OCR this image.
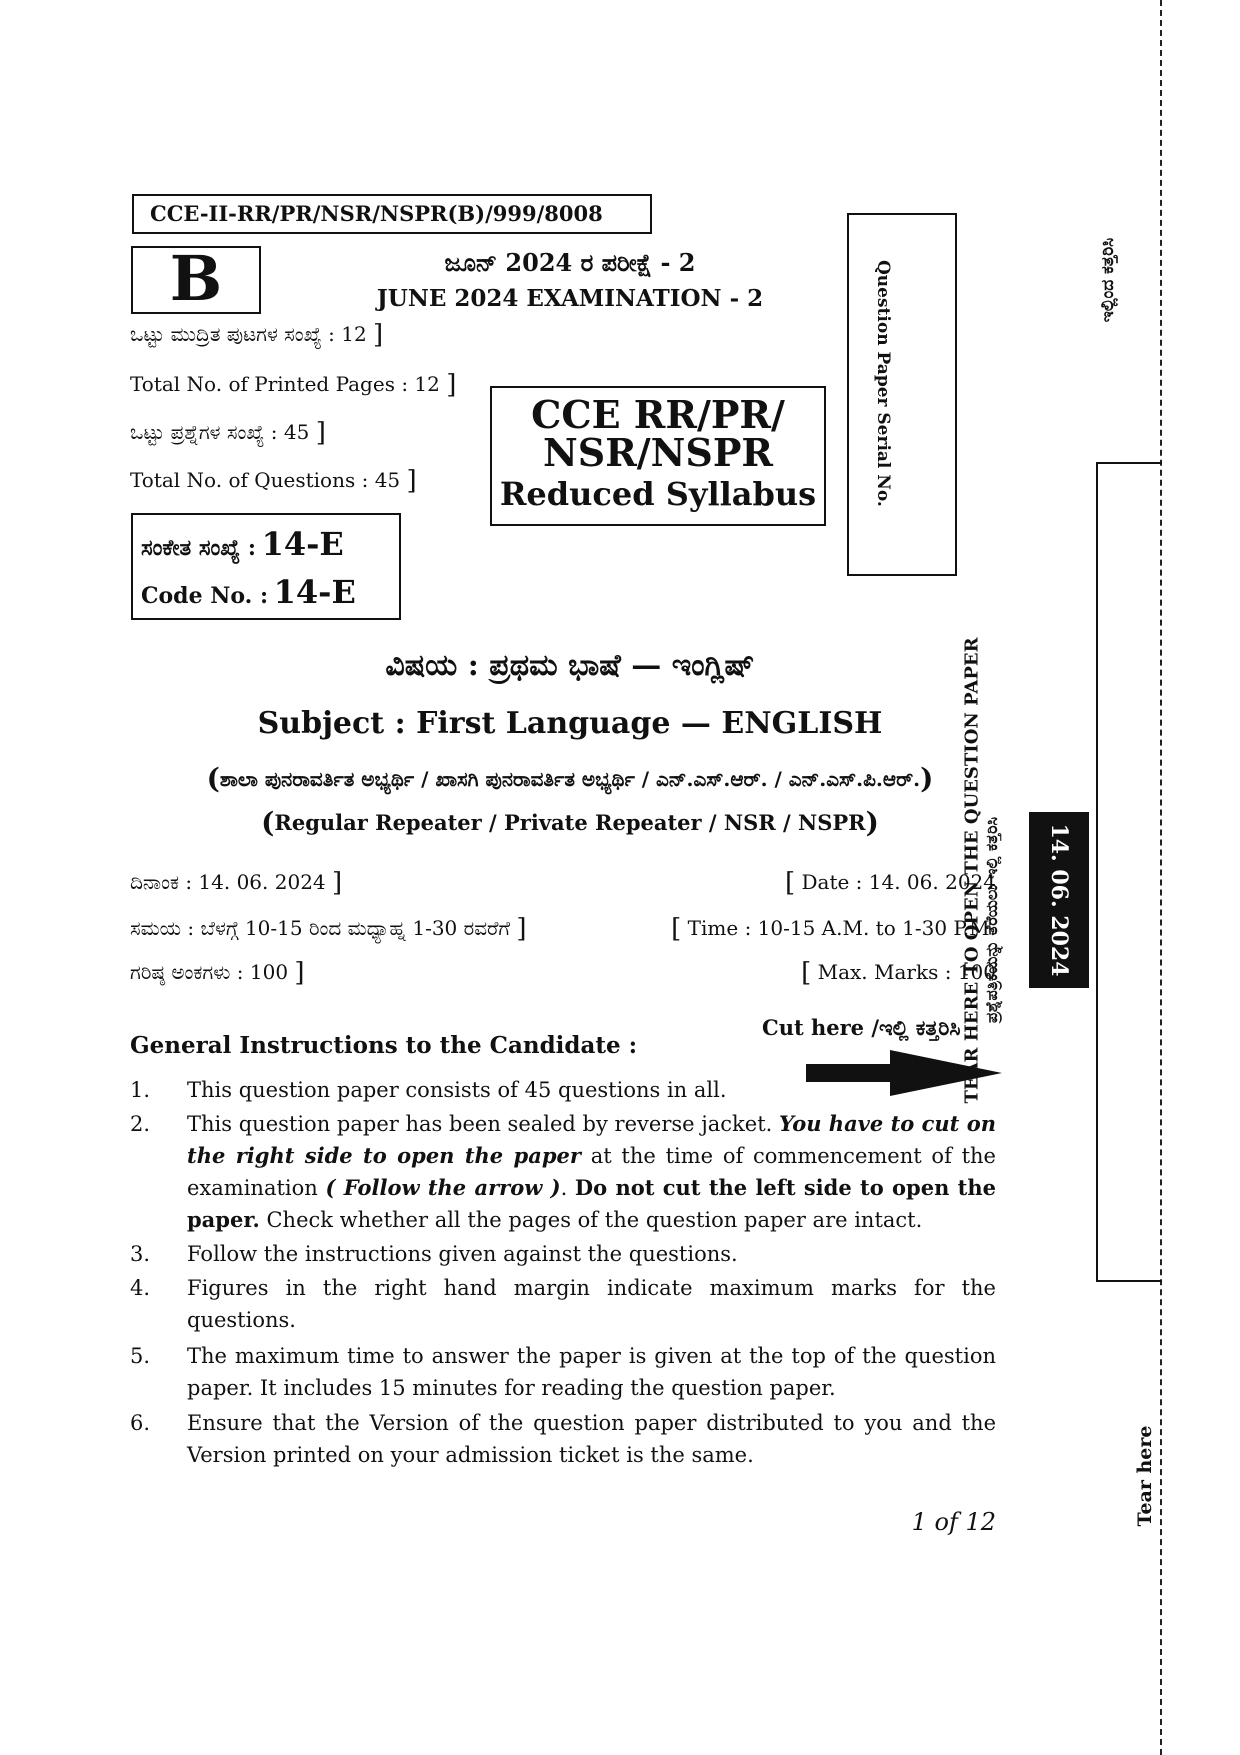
CCE-II-RR/PR/NSR/NSPR(B)/999/8008
B	ಜೂನ್ 2024 ರ ಪರೀಕ್ಷೆ - 2
JUNE 2024 EXAMINATION - 2
ಒಟ್ಟು ಮುದ್ರಿತ ಪುಟಗಳ ಸಂಖ್ಯೆ : 12 ]
Total No. of Printed Pages : 12 ]
ಒಟ್ಟು ಪ್ರಶ್ನೆಗಳ ಸಂಖ್ಯೆ : 45 ]
Total No. of Questions : 45 ]
CCE RR/PR/
NSR/NSPR
Reduced Syllabus	Question Paper Serial No.
ಸಂಕೇತ ಸಂಖ್ಯೆ : 14-E
Code No. : 14-E
ವಿಷಯ : ಪ್ರಥಮ ಭಾಷೆ — ಇಂಗ್ಲಿಷ್
Subject : First Language — ENGLISH
(ಶಾಲಾ ಪುನರಾವರ್ತಿತ ಅಭ್ಯರ್ಥಿ / ಖಾಸಗಿ ಪುನರಾವರ್ತಿತ ಅಭ್ಯರ್ಥಿ / ಎನ್.ಎಸ್.ಆರ್. / ಎನ್.ಎಸ್.ಪಿ.ಆರ್.)
(Regular Repeater / Private Repeater / NSR / NSPR)
ದಿನಾಂಕ : 14. 06. 2024 ]	[ Date : 14. 06. 2024
ಸಮಯ : ಬೆಳಗ್ಗೆ 10-15 ರಿಂದ ಮಧ್ಯಾಹ್ನ 1-30 ರವರೆಗೆ ]	[ Time : 10-15 A.M. to 1-30 P.M.
ಗರಿಷ್ಠ ಅಂಕಗಳು : 100 ]	[ Max. Marks : 100
General Instructions to the Candidate :
Cut here /ಇಲ್ಲಿ ಕತ್ತರಿಸಿ
1.	This question paper consists of 45 questions in all.
2.	This question paper has been sealed by reverse jacket. You have to cut on the right side to open the paper at the time of commencement of the examination ( Follow the arrow ). Do not cut the left side to open the paper. Check whether all the pages of the question paper are intact.
3.	Follow the instructions given against the questions.
4.	Figures in the right hand margin indicate maximum marks for the questions.
5.	The maximum time to answer the paper is given at the top of the question paper. It includes 15 minutes for reading the question paper.
6.	Ensure that the Version of the question paper distributed to you and the Version printed on your admission ticket is the same.
1 of 12
ಇಲ್ಲಿಂದ ಕತ್ತರಿಸಿ
TEAR HERE TO OPEN THE QUESTION PAPER ಪ್ರಶ್ನೆಪತ್ರಿಕೆಯನ್ನು ತೆರೆಯಲು ಇಲ್ಲಿ ಕತ್ತರಿಸಿ 14. 06. 2024
Tear here
